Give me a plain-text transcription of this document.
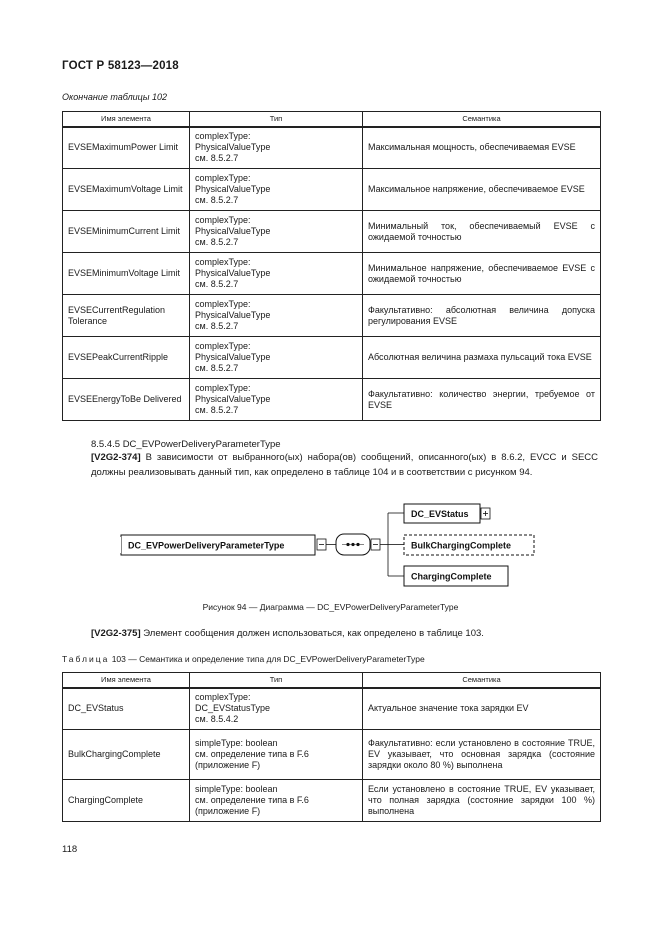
ГОСТ Р 58123—2018
Окончание таблицы 102
Имя элемента	Тип	Семантика
EVSEMaximumPower Limit	complexType:
PhysicalValueType
см. 8.5.2.7	Максимальная мощность, обеспечиваемая EVSE
EVSEMaximumVoltage Limit	complexType:
PhysicalValueType
см. 8.5.2.7	Максимальное напряжение, обеспечиваемое EVSE
EVSEMinimumCurrent Limit	complexType:
PhysicalValueType
см. 8.5.2.7	Минимальный ток, обеспечиваемый EVSE с ожидаемой точностью
EVSEMinimumVoltage Limit	complexType:
PhysicalValueType
см. 8.5.2.7	Минимальное напряжение, обеспечиваемое EVSE с ожидаемой точностью
EVSECurrentRegulation Tolerance	complexType:
PhysicalValueType
см. 8.5.2.7	Факультативно: абсолютная величина допуска регулирования EVSE
EVSEPeakCurrentRipple	complexType:
PhysicalValueType
см. 8.5.2.7	Абсолютная величина размаха пульсаций тока EVSE
EVSEEnergyToBe Delivered	complexType:
PhysicalValueType
см. 8.5.2.7	Факультативно: количество энергии, требуемое от EVSE
8.5.4.5 DC_EVPowerDeliveryParameterType
[V2G2-374] В зависимости от выбранного(ых) набора(ов) сообщений, описанного(ых) в 8.6.2, EVCC и SECC должны реализовывать данный тип, как определено в таблице 104 и в соответствии с рисунком 94.
DC_EVPowerDeliveryParameterType
DC_EVStatus
BulkChargingComplete
ChargingComplete
Рисунок 94 — Диаграмма — DC_EVPowerDeliveryParameterType
[V2G2-375] Элемент сообщения должен использоваться, как определено в таблице 103.
Таблица 103 — Семантика и определение типа для DC_EVPowerDeliveryParameterType
Имя элемента	Тип	Семантика
DC_EVStatus	complexType:
DC_EVStatusType
см. 8.5.4.2	Актуальное значение тока зарядки EV
BulkChargingComplete	simpleType: boolean
см. определение типа в F.6
(приложение F)	Факультативно: если установлено в состояние TRUE, EV указывает, что основная зарядка (состояние зарядки около 80 %) выполнена
ChargingComplete	simpleType: boolean
см. определение типа в F.6
(приложение F)	Если установлено в состояние TRUE, EV указывает, что полная зарядка (состояние зарядки 100 %) выполнена
118
